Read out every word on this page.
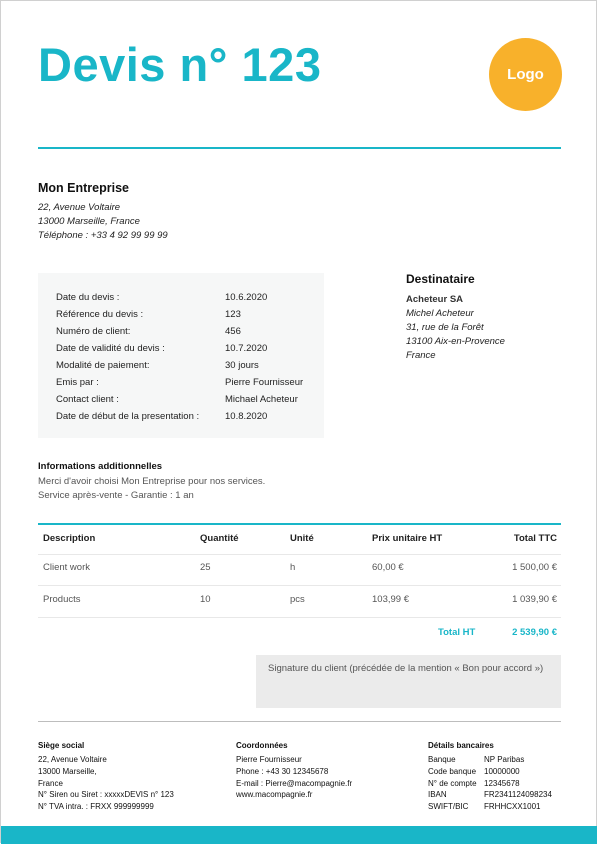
Devis n° 123	Logo
Mon Entreprise
22, Avenue Voltaire
13000 Marseille, France
Téléphone : +33 4 92 99 99 99
Date du devis :	10.6.2020
Référence du devis :	123
Numéro de client:	456
Date de validité du devis :	10.7.2020
Modalité de paiement:	30 jours
Emis par :	Pierre Fournisseur
Contact client :	Michael Acheteur
Date de début de la presentation :	10.8.2020
Destinataire
Acheteur SA
Michel Acheteur
31, rue de la Forêt
13100 Aix-en-Provence
France
Informations additionnelles
Merci d'avoir choisi Mon Entreprise pour nos services.
Service après-vente - Garantie : 1 an
Description	Quantité	Unité	Prix unitaire HT	Total TTC
Client work	25	h	60,00 €	1 500,00 €
Products	10	pcs	103,99 €	1 039,90 €
Total HT	2 539,90 €
Signature du client (précédée de la mention « Bon pour accord »)
Siège social
22, Avenue Voltaire
13000 Marseille,
France
N° Siren ou Siret : xxxxxDEVIS n° 123
N° TVA intra. : FRXX 999999999
Coordonnées
Pierre Fournisseur
Phone : +43 30 12345678
E-mail : Pierre@macompagnie.fr
www.macompagnie.fr
Détails bancaires
Banque	NP Paribas
Code banque 10000000
N° de compte 12345678
IBAN	FR23411240982​34
SWIFT/BIC	FRHHCXX1001
